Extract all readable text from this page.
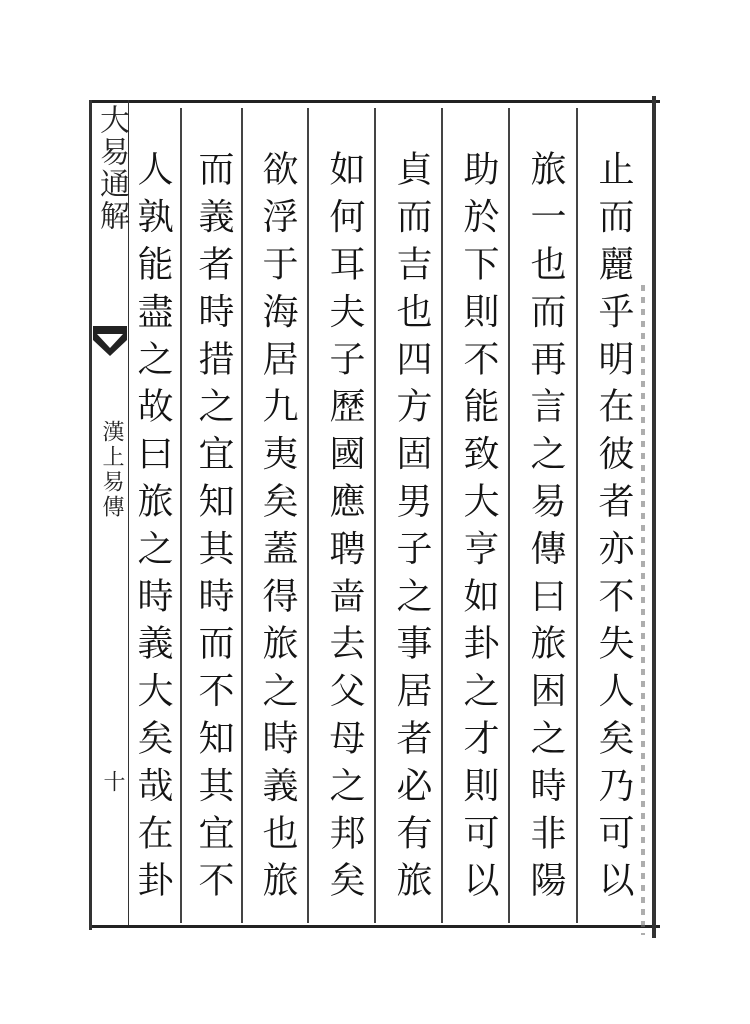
大易通解
漢上易傳
十
止而麗乎明在彼者亦不失人矣乃可以
旅一也而再言之易傳曰旅困之時非陽
助於下則不能致大亨如卦之才則可以
貞而吉也四方固男子之事居者必有旅
如何耳夫子歷國應聘啬去父母之邦矣
欲浮于海居九夷矣蓋得旅之時義也旅
而義者時措之宜知其時而不知其宜不
人孰能盡之故曰旅之時義大矣哉在卦
